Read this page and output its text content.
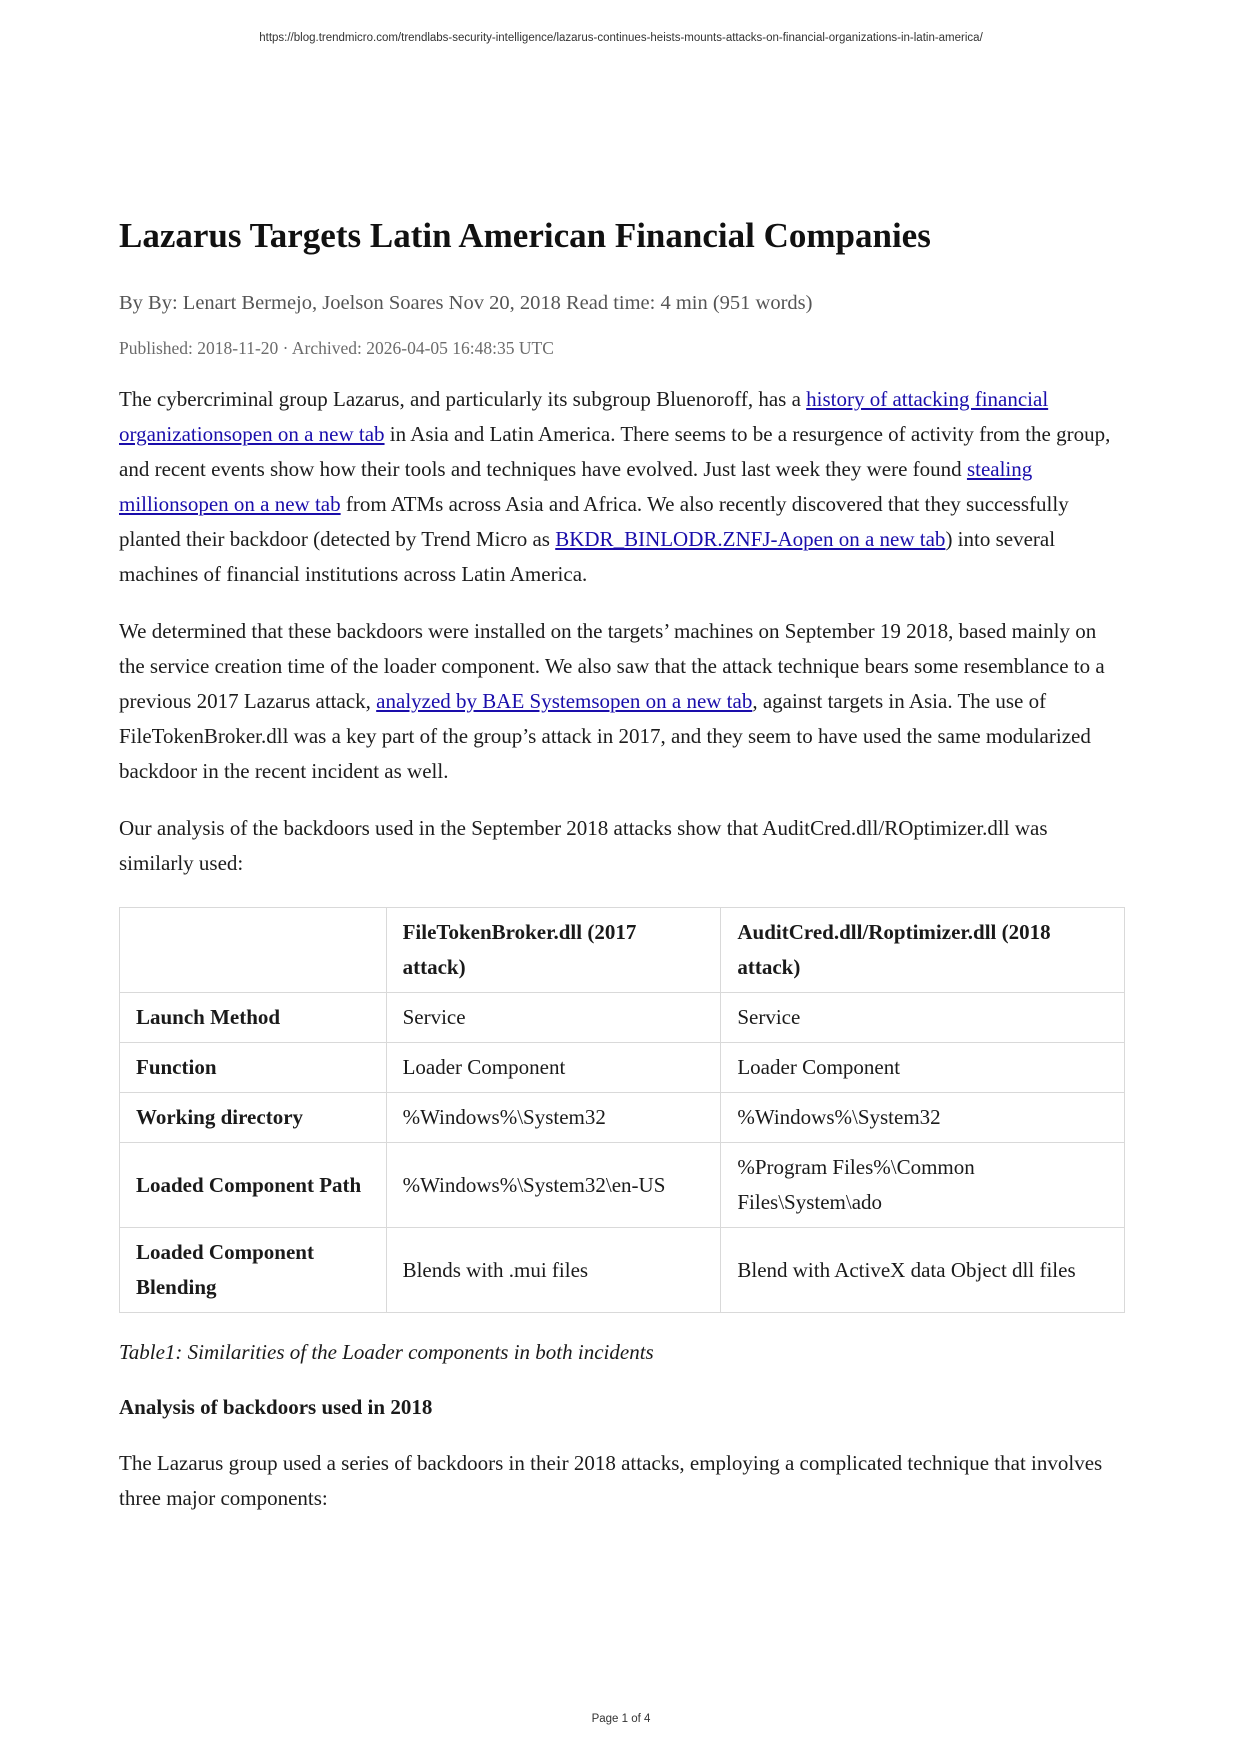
https://blog.trendmicro.com/trendlabs-security-intelligence/lazarus-continues-heists-mounts-attacks-on-financial-organizations-in-latin-america/
Lazarus Targets Latin American Financial Companies
By By: Lenart Bermejo, Joelson Soares Nov 20, 2018 Read time: 4 min (951 words)
Published: 2018-11-20 · Archived: 2026-04-05 16:48:35 UTC

The cybercriminal group Lazarus, and particularly its subgroup Bluenoroff, has a history of attacking financial organizationsopen on a new tab in Asia and Latin America. There seems to be a resurgence of activity from the group, and recent events show how their tools and techniques have evolved. Just last week they were found stealing millionsopen on a new tab from ATMs across Asia and Africa. We also recently discovered that they successfully planted their backdoor (detected by Trend Micro as BKDR_BINLODR.ZNFJ-Aopen on a new tab) into several machines of financial institutions across Latin America.

We determined that these backdoors were installed on the targets’ machines on September 19 2018, based mainly on the service creation time of the loader component. We also saw that the attack technique bears some resemblance to a previous 2017 Lazarus attack, analyzed by BAE Systemsopen on a new tab, against targets in Asia. The use of FileTokenBroker.dll was a key part of the group’s attack in 2017, and they seem to have used the same modularized backdoor in the recent incident as well.

Our analysis of the backdoors used in the September 2018 attacks show that AuditCred.dll/ROptimizer.dll was similarly used:

	FileTokenBroker.dll (2017 attack)	AuditCred.dll/Roptimizer.dll (2018 attack)
Launch Method	Service	Service
Function	Loader Component	Loader Component
Working directory	%Windows%\System32	%Windows%\System32
Loaded Component Path	%Windows%\System32\en-US	%Program Files%\Common Files\System\ado
Loaded Component Blending	Blends with .mui files	Blend with ActiveX data Object dll files
Table1: Similarities of the Loader components in both incidents
Analysis of backdoors used in 2018

The Lazarus group used a series of backdoors in their 2018 attacks, employing a complicated technique that involves three major components:

Page 1 of 4
